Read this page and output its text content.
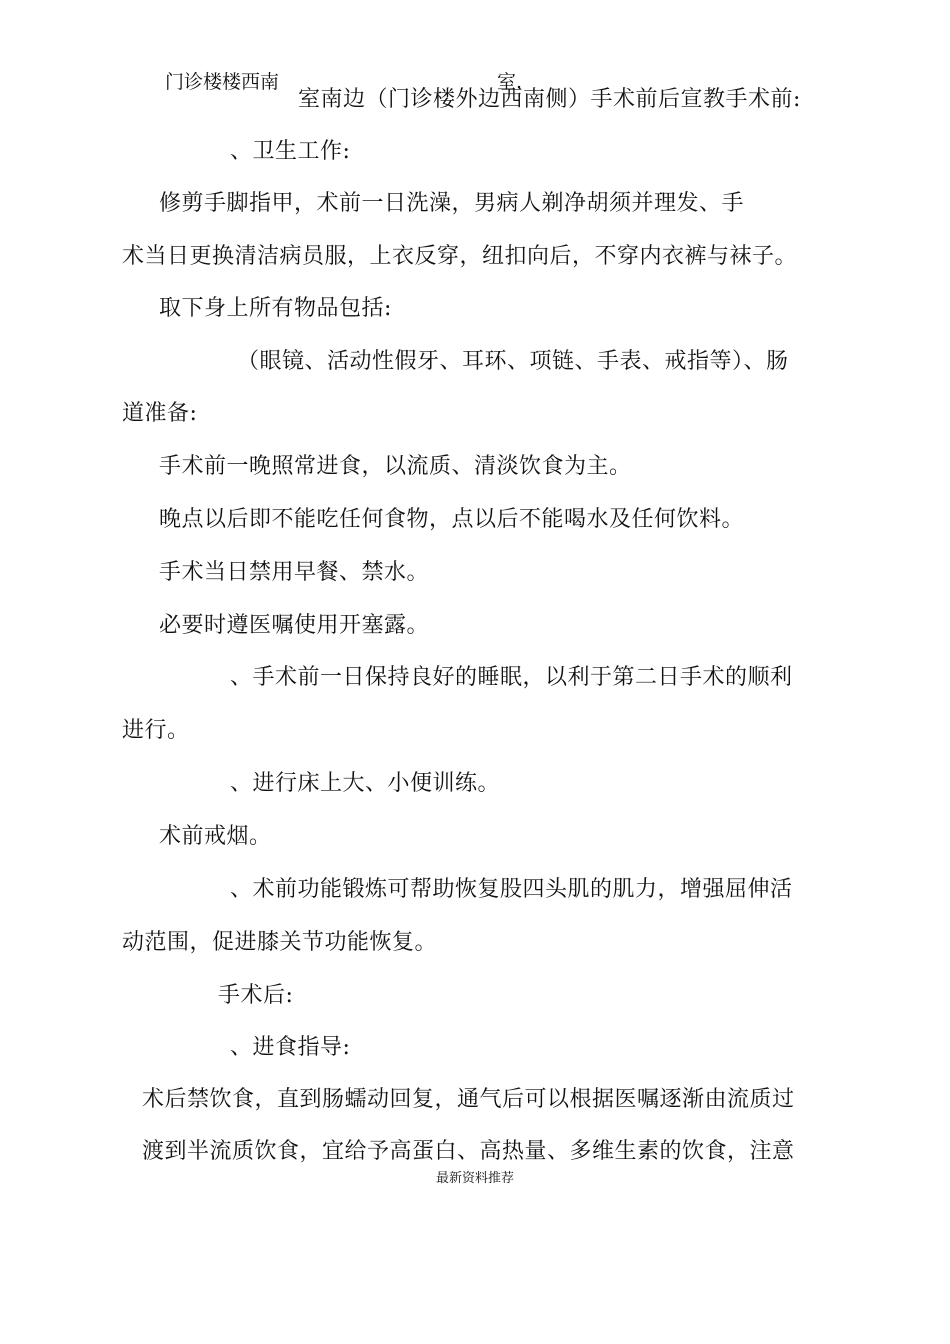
门诊楼楼西南	室.
室南边（门诊楼外边西南侧）手术前后宣教手术前:
、卫生工作:
修剪手脚指甲，术前一日洗澡，男病人剃净胡须并理发、手
术当日更换清洁病员服，上衣反穿，纽扣向后，不穿内衣裤与袜子。
取下身上所有物品包括:
（眼镜、活动性假牙、耳环、项链、手表、戒指等）、肠
道准备:
手术前一晚照常进食，以流质、清淡饮食为主。
晚点以后即不能吃任何食物，点以后不能喝水及任何饮料。
手术当日禁用早餐、禁水。
必要时遵医嘱使用开塞露。
、手术前一日保持良好的睡眠，以利于第二日手术的顺利
进行。
、进行床上大、小便训练。
术前戒烟。
、术前功能锻炼可帮助恢复股四头肌的肌力，增强屈伸活
动范围，促进膝关节功能恢复。
手术后:
、进食指导:
术后禁饮食，直到肠蠕动回复，通气后可以根据医嘱逐渐由流质过
渡到半流质饮食，宜给予高蛋白、高热量、多维生素的饮食，注意
最新资料推荐
